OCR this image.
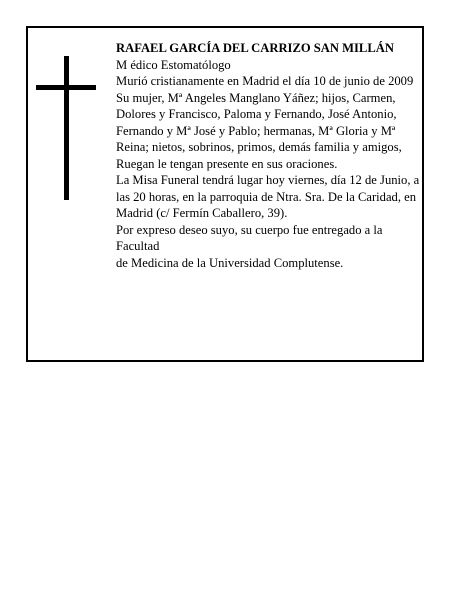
RAFAEL GARCÍA DEL CARRIZO SAN MILLÁN

M édico Estomatólogo

Murió cristianamente en Madrid el día 10 de junio de 2009

Su mujer, Mª Angeles Manglano Yáñez; hijos, Carmen, Dolores y Francisco, Paloma y Fernando, José Antonio, Fernando y Mª José y Pablo; hermanas, Mª Gloria y Mª Reina; nietos, sobrinos, primos, demás familia y amigos,

Ruegan le tengan presente en sus oraciones.

La Misa Funeral tendrá lugar hoy viernes, día 12 de Junio, a las 20 horas, en la parroquia de Ntra. Sra. De la Caridad, en Madrid (c/ Fermín Caballero, 39).

Por expreso deseo suyo, su cuerpo fue entregado a la Facultad

de Medicina de la Universidad Complutense.
